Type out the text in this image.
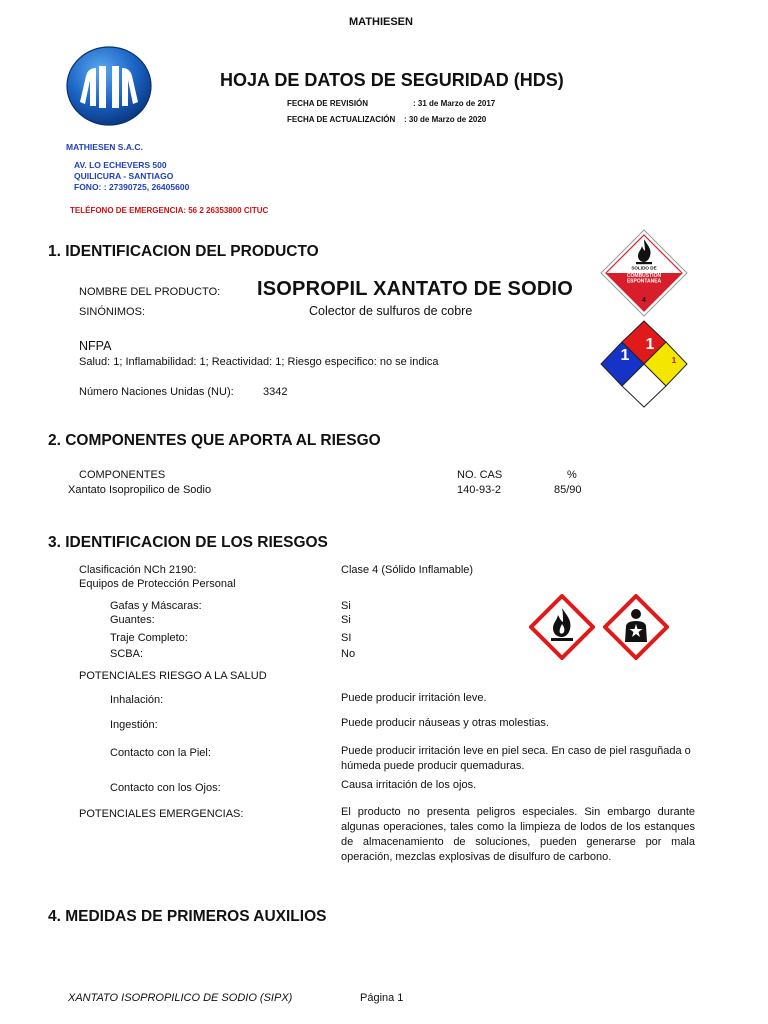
MATHIESEN
HOJA DE DATOS DE SEGURIDAD (HDS)
FECHA DE REVISIÓN	: 31 de Marzo de 2017
FECHA DE ACTUALIZACIÓN : 30 de Marzo de 2020
MATHIESEN S.A.C.
AV. LO ECHEVERS 500
QUILICURA - SANTIAGO
FONO: : 27390725, 26405600
TELÉFONO DE EMERGENCIA: 56 2 26353800 CITUC
1. IDENTIFICACION DEL PRODUCTO
SOLIDO DE
COMBUSTION
ESPONTANEA
4
NOMBRE DEL PRODUCTO: ISOPROPIL XANTATO DE SODIO
SINÓNIMOS:	Colector de sulfuros de cobre
NFPA
Salud: 1; Inflamabilidad: 1; Reactividad: 1; Riesgo especifico: no se indica
1
1	1
Número Naciones Unidas (NU):	3342
2. COMPONENTES QUE APORTA AL RIESGO
COMPONENTES	NO. CAS	%
Xantato Isopropilico de Sodio	140-93-2	85/90
3. IDENTIFICACION DE LOS RIESGOS
Clasificación NCh 2190:	Clase 4 (Sólido Inflamable)
Equipos de Protección Personal
Gafas y Máscaras:	Si
Guantes:	Si
Traje Completo:	SI
SCBA:	No
POTENCIALES RIESGO A LA SALUD
Inhalación:	Puede producir irritación leve.
Ingestión:	Puede producir náuseas y otras molestias.
Contacto con la Piel:	Puede producir irritación leve en piel seca. En caso de piel rasguñada o húmeda puede producir quemaduras.
Contacto con los Ojos:	Causa irritación de los ojos.
POTENCIALES EMERGENCIAS:	El producto no presenta peligros especiales. Sin embargo durante algunas operaciones, tales como la limpieza de lodos de los estanques de almacenamiento de soluciones, pueden generarse por mala operación, mezclas explosivas de disulfuro de carbono.
4. MEDIDAS DE PRIMEROS AUXILIOS
XANTATO ISOPROPILICO DE SODIO (SIPX)	Página 1
